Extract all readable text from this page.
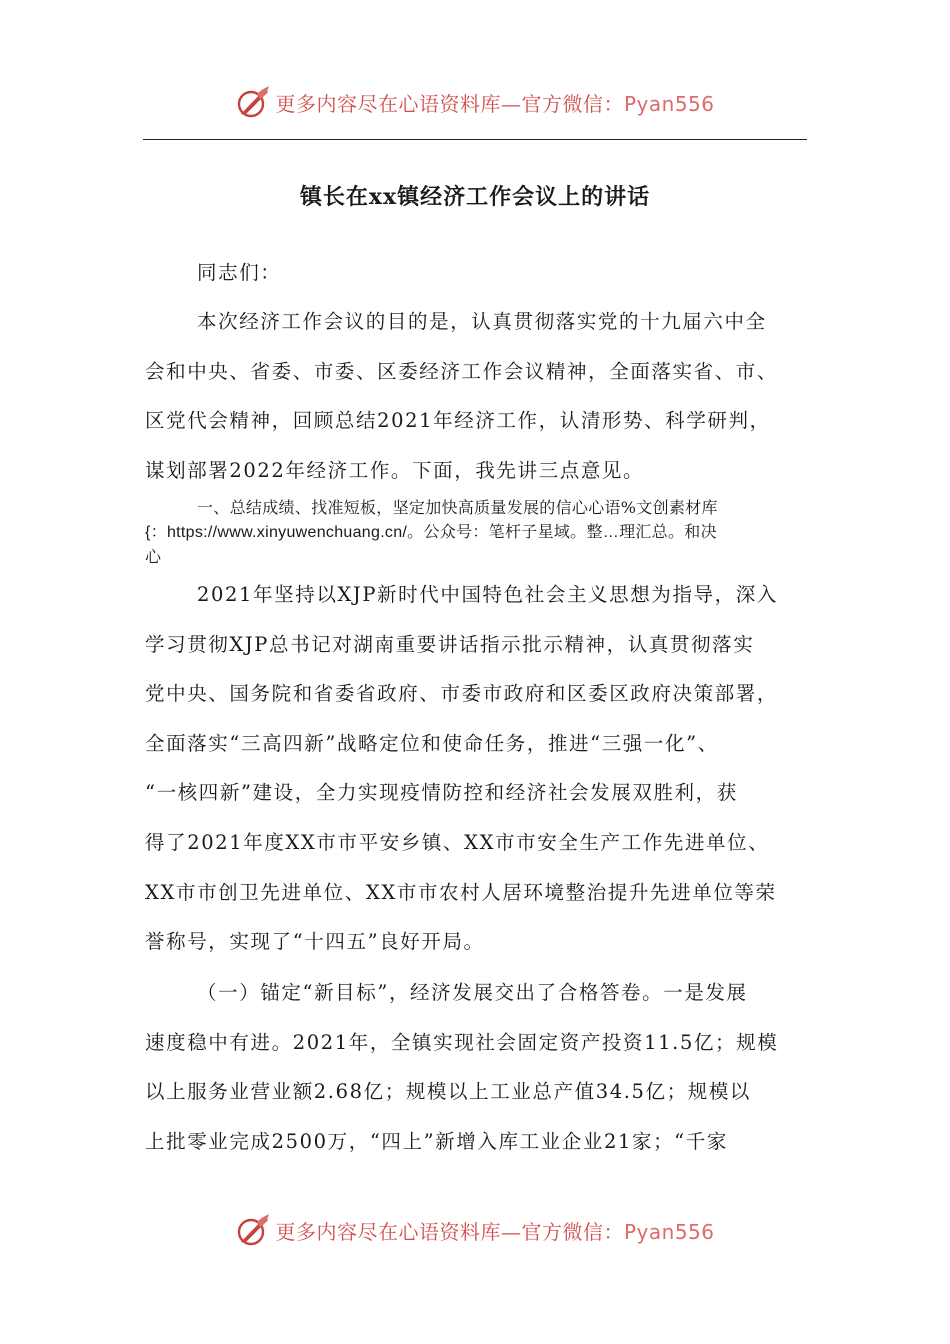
更多内容尽在心语资料库—官方微信：Pyan556
镇长在xx镇经济工作会议上的讲话
同志们：
本次经济工作会议的目的是，认真贯彻落实党的十九届六中全
会和中央、省委、市委、区委经济工作会议精神，全面落实省、市、
区党代会精神，回顾总结2021年经济工作，认清形势、科学研判，
谋划部署2022年经济工作。下面，我先讲三点意见。
一、总结成绩、找准短板，坚定加快高质量发展的信心心语%文创素材库
{：https://www.xinyuwenchuang.cn/。公众号：笔杆子星域。整…理汇总。和决
心
2021年坚持以XJP新时代中国特色社会主义思想为指导，深入
学习贯彻XJP总书记对湖南重要讲话指示批示精神，认真贯彻落实
党中央、国务院和省委省政府、市委市政府和区委区政府决策部署，
全面落实“三高四新”战略定位和使命任务，推进“三强一化”、
“一核四新”建设，全力实现疫情防控和经济社会发展双胜利，获
得了2021年度XX市市平安乡镇、XX市市安全生产工作先进单位、
XX市市创卫先进单位、XX市市农村人居环境整治提升先进单位等荣
誉称号，实现了“十四五”良好开局。
（一）锚定“新目标”，经济发展交出了合格答卷。一是发展
速度稳中有进。2021年，全镇实现社会固定资产投资11.5亿；规模
以上服务业营业额2.68亿；规模以上工业总产值34.5亿；规模以
上批零业完成2500万，“四上”新增入库工业企业21家；“千家
更多内容尽在心语资料库—官方微信：Pyan556
